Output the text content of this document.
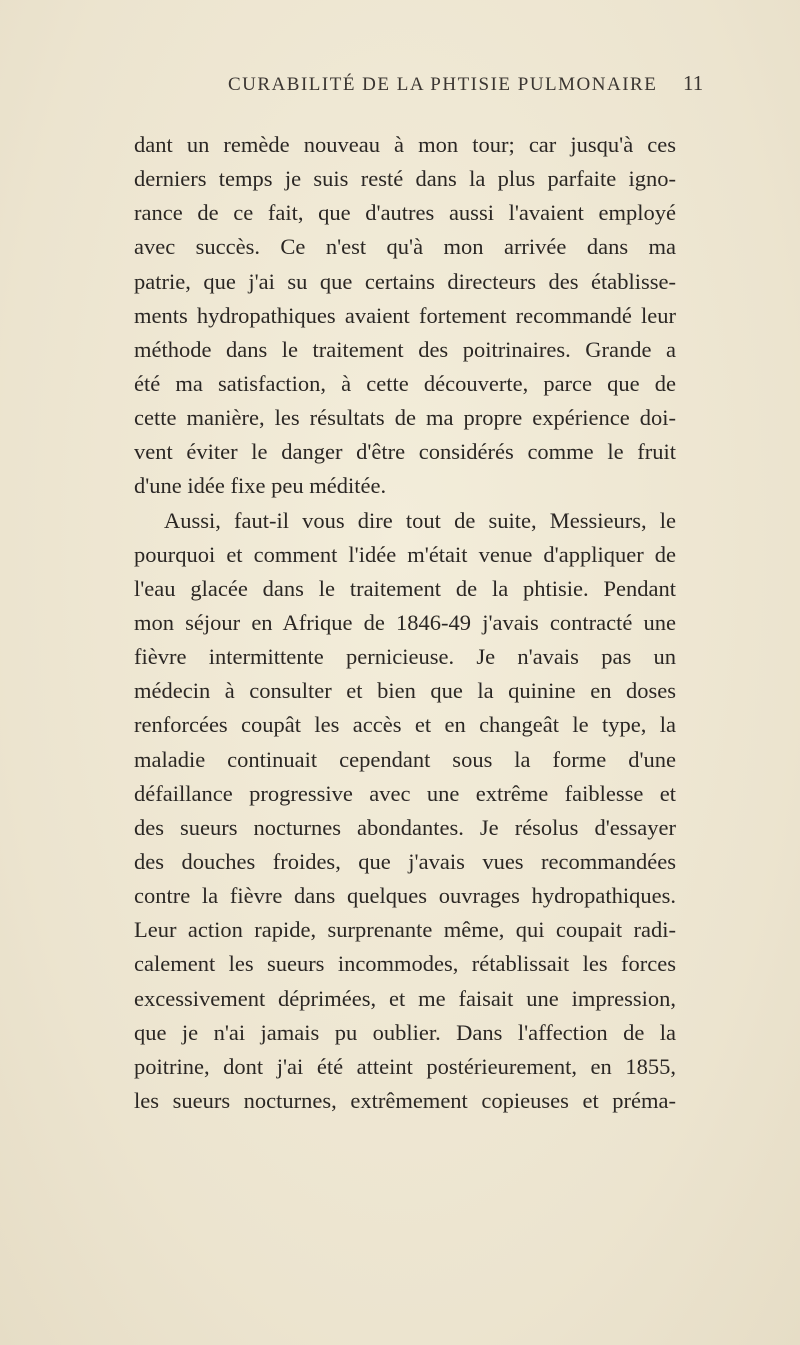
CURABILITÉ DE LA PHTISIE PULMONAIRE 11
dant un remède nouveau à mon tour; car jusqu'à ces
derniers temps je suis resté dans la plus parfaite igno-
rance de ce fait, que d'autres aussi l'avaient employé
avec succès. Ce n'est qu'à mon arrivée dans ma
patrie, que j'ai su que certains directeurs des établisse-
ments hydropathiques avaient fortement recommandé leur
méthode dans le traitement des poitrinaires. Grande a
été ma satisfaction, à cette découverte, parce que de
cette manière, les résultats de ma propre expérience doi-
vent éviter le danger d'être considérés comme le fruit
d'une idée fixe peu méditée.
Aussi, faut-il vous dire tout de suite, Messieurs, le
pourquoi et comment l'idée m'était venue d'appliquer de
l'eau glacée dans le traitement de la phtisie. Pendant
mon séjour en Afrique de 1846-49 j'avais contracté une
fièvre intermittente pernicieuse. Je n'avais pas un
médecin à consulter et bien que la quinine en doses
renforcées coupât les accès et en changeât le type, la
maladie continuait cependant sous la forme d'une
défaillance progressive avec une extrême faiblesse et
des sueurs nocturnes abondantes. Je résolus d'essayer
des douches froides, que j'avais vues recommandées
contre la fièvre dans quelques ouvrages hydropathiques.
Leur action rapide, surprenante même, qui coupait radi-
calement les sueurs incommodes, rétablissait les forces
excessivement déprimées, et me faisait une impression,
que je n'ai jamais pu oublier. Dans l'affection de la
poitrine, dont j'ai été atteint postérieurement, en 1855,
les sueurs nocturnes, extrêmement copieuses et préma-
